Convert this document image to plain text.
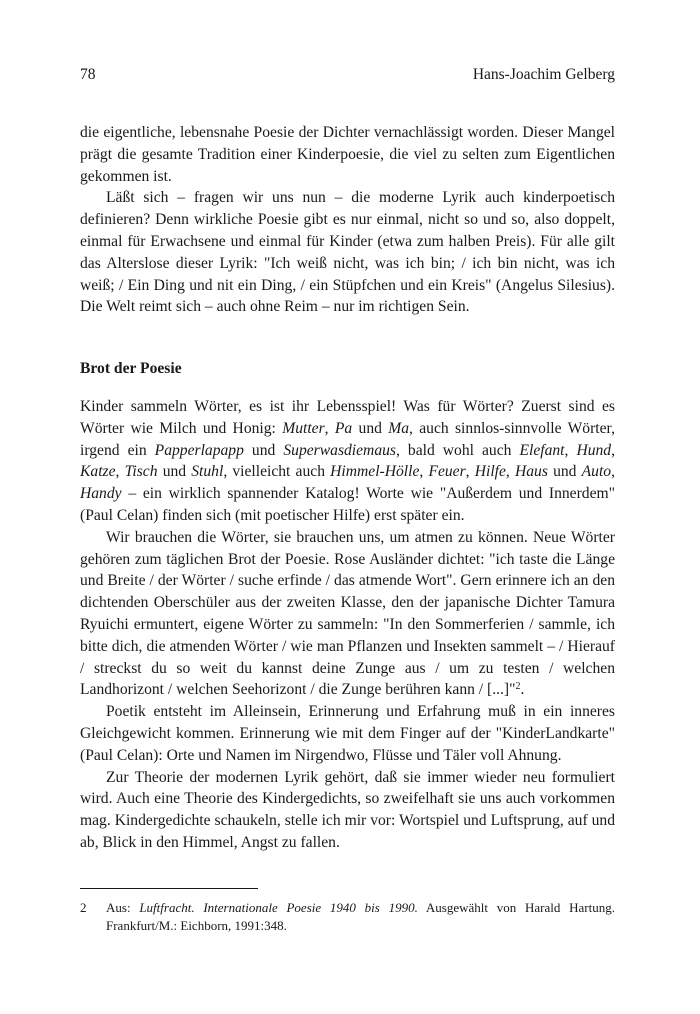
78	Hans-Joachim Gelberg

die eigentliche, lebensnahe Poesie der Dichter vernachlässigt worden. Dieser Mangel prägt die gesamte Tradition einer Kinderpoesie, die viel zu selten zum Eigentlichen gekommen ist.

Läßt sich – fragen wir uns nun – die moderne Lyrik auch kinderpoetisch definieren? Denn wirkliche Poesie gibt es nur einmal, nicht so und so, also doppelt, einmal für Erwachsene und einmal für Kinder (etwa zum halben Preis). Für alle gilt das Alterslose dieser Lyrik: "Ich weiß nicht, was ich bin; / ich bin nicht, was ich weiß; / Ein Ding und nit ein Ding, / ein Stüpfchen und ein Kreis" (Angelus Silesius). Die Welt reimt sich – auch ohne Reim – nur im richtigen Sein.

Brot der Poesie

Kinder sammeln Wörter, es ist ihr Lebensspiel! Was für Wörter? Zuerst sind es Wörter wie Milch und Honig: Mutter, Pa und Ma, auch sinnlos-sinnvolle Wörter, irgend ein Papperlapapp und Superwasdiemaus, bald wohl auch Elefant, Hund, Katze, Tisch und Stuhl, vielleicht auch Himmel-Hölle, Feuer, Hilfe, Haus und Auto, Handy – ein wirklich spannender Katalog! Worte wie "Außerdem und Innerdem" (Paul Celan) finden sich (mit poetischer Hilfe) erst später ein.

Wir brauchen die Wörter, sie brauchen uns, um atmen zu können. Neue Wörter gehören zum täglichen Brot der Poesie. Rose Ausländer dichtet: "ich taste die Länge und Breite / der Wörter / suche erfinde / das atmende Wort". Gern erinnere ich an den dichtenden Oberschüler aus der zweiten Klasse, den der japanische Dichter Tamura Ryuichi ermuntert, eigene Wörter zu sammeln: "In den Sommerferien / sammle, ich bitte dich, die atmenden Wörter / wie man Pflanzen und Insekten sammelt – / Hierauf / streckst du so weit du kannst deine Zunge aus / um zu testen / welchen Landhorizont / welchen Seehorizont / die Zunge berühren kann / [...]"$^2$.

Poetik entsteht im Alleinsein, Erinnerung und Erfahrung muß in ein inneres Gleichgewicht kommen. Erinnerung wie mit dem Finger auf der "KinderLandkarte" (Paul Celan): Orte und Namen im Nirgendwo, Flüsse und Täler voll Ahnung.

Zur Theorie der modernen Lyrik gehört, daß sie immer wieder neu formuliert wird. Auch eine Theorie des Kindergedichts, so zweifelhaft sie uns auch vorkommen mag. Kindergedichte schaukeln, stelle ich mir vor: Wortspiel und Luftsprung, auf und ab, Blick in den Himmel, Angst zu fallen.

2	Aus: Luftfracht. Internationale Poesie 1940 bis 1990. Ausgewählt von Harald Hartung. Frankfurt/M.: Eichborn, 1991:348.
